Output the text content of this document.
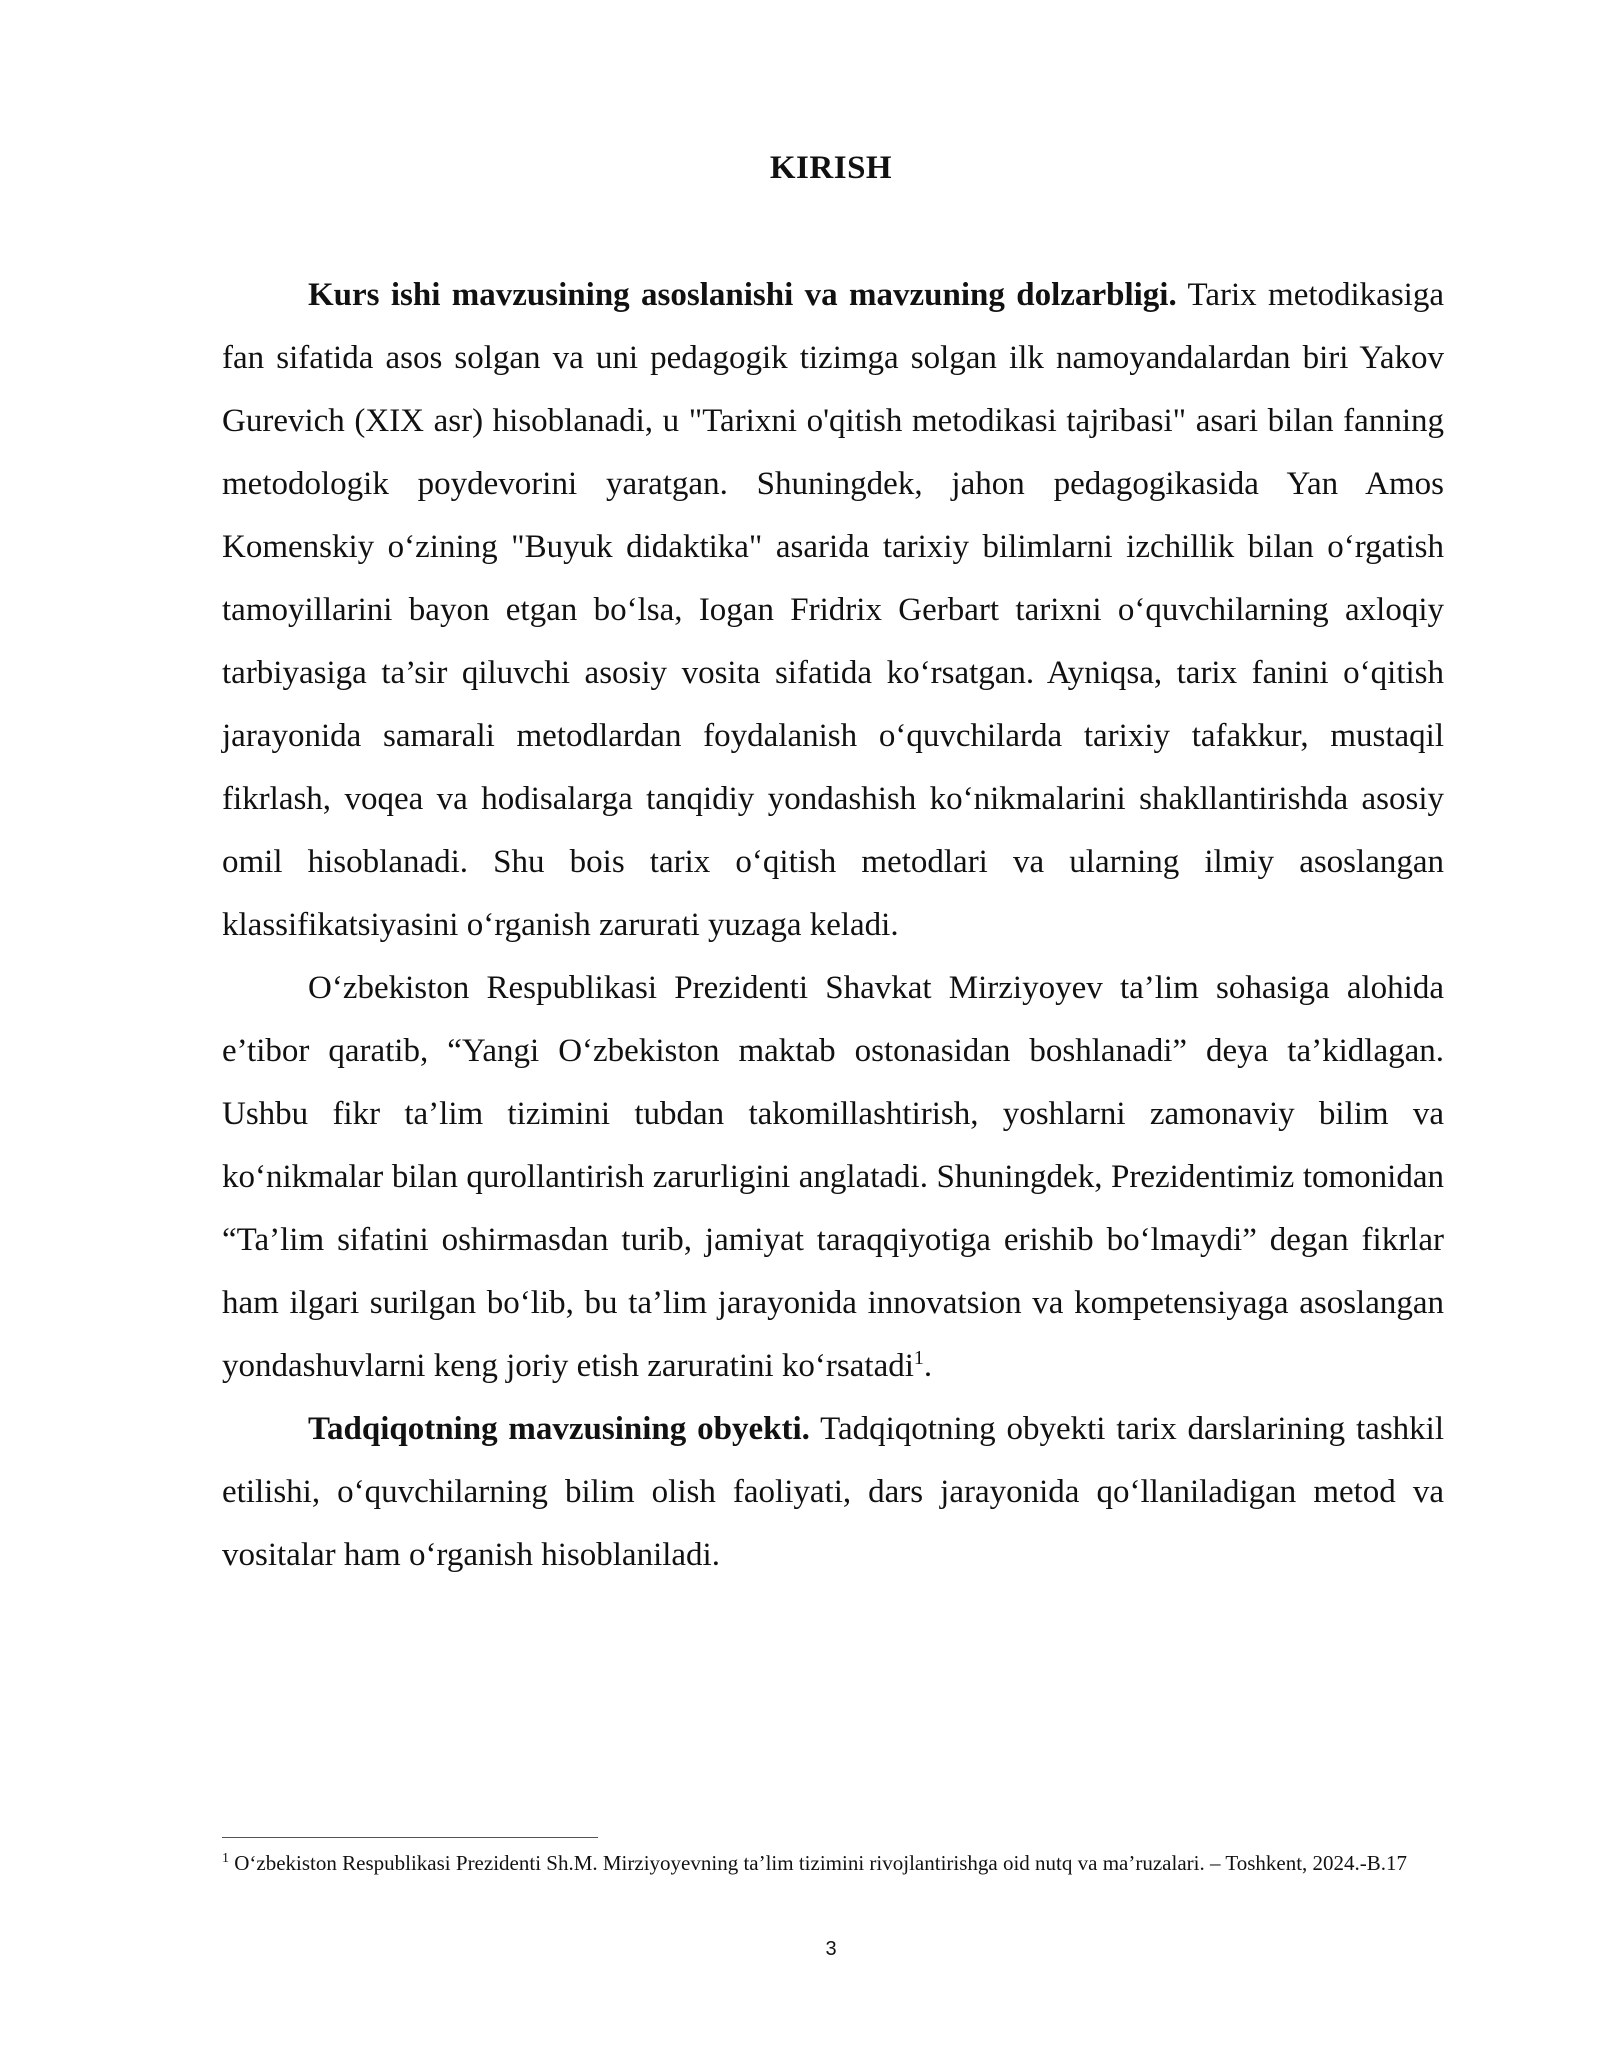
KIRISH

Kurs ishi mavzusining asoslanishi va mavzuning dolzarbligi. Tarix metodikasiga fan sifatida asos solgan va uni pedagogik tizimga solgan ilk namoyandalardan biri Yakov Gurevich (XIX asr) hisoblanadi, u "Tarixni o'qitish metodikasi tajribasi" asari bilan fanning metodologik poydevorini yaratgan. Shuningdek, jahon pedagogikasida Yan Amos Komenskiy o‘zining "Buyuk didaktika" asarida tarixiy bilimlarni izchillik bilan o‘rgatish tamoyillarini bayon etgan bo‘lsa, Iogan Fridrix Gerbart tarixni o‘quvchilarning axloqiy tarbiyasiga ta’sir qiluvchi asosiy vosita sifatida ko‘rsatgan. Ayniqsa, tarix fanini o‘qitish jarayonida samarali metodlardan foydalanish o‘quvchilarda tarixiy tafakkur, mustaqil fikrlash, voqea va hodisalarga tanqidiy yondashish ko‘nikmalarini shakllantirishda asosiy omil hisoblanadi. Shu bois tarix o‘qitish metodlari va ularning ilmiy asoslangan klassifikatsiyasini o‘rganish zarurati yuzaga keladi.

O‘zbekiston Respublikasi Prezidenti Shavkat Mirziyoyev ta’lim sohasiga alohida e’tibor qaratib, “Yangi O‘zbekiston maktab ostonasidan boshlanadi” deya ta’kidlagan. Ushbu fikr ta’lim tizimini tubdan takomillashtirish, yoshlarni zamonaviy bilim va ko‘nikmalar bilan qurollantirish zarurligini anglatadi. Shuningdek, Prezidentimiz tomonidan “Ta’lim sifatini oshirmasdan turib, jamiyat taraqqiyotiga erishib bo‘lmaydi” degan fikrlar ham ilgari surilgan bo‘lib, bu ta’lim jarayonida innovatsion va kompetensiyaga asoslangan yondashuvlarni keng joriy etish zaruratini ko‘rsatadi$^1$.

Tadqiqotning mavzusining obyekti. Tadqiqotning obyekti tarix darslarining tashkil etilishi, o‘quvchilarning bilim olish faoliyati, dars jarayonida qo‘llaniladigan metod va vositalar ham o‘rganish hisoblaniladi.

$^1$ O‘zbekiston Respublikasi Prezidenti Sh.M. Mirziyoyevning ta’lim tizimini rivojlantirishga oid nutq va ma’ruzalari. – Toshkent, 2024.-B.17
3
